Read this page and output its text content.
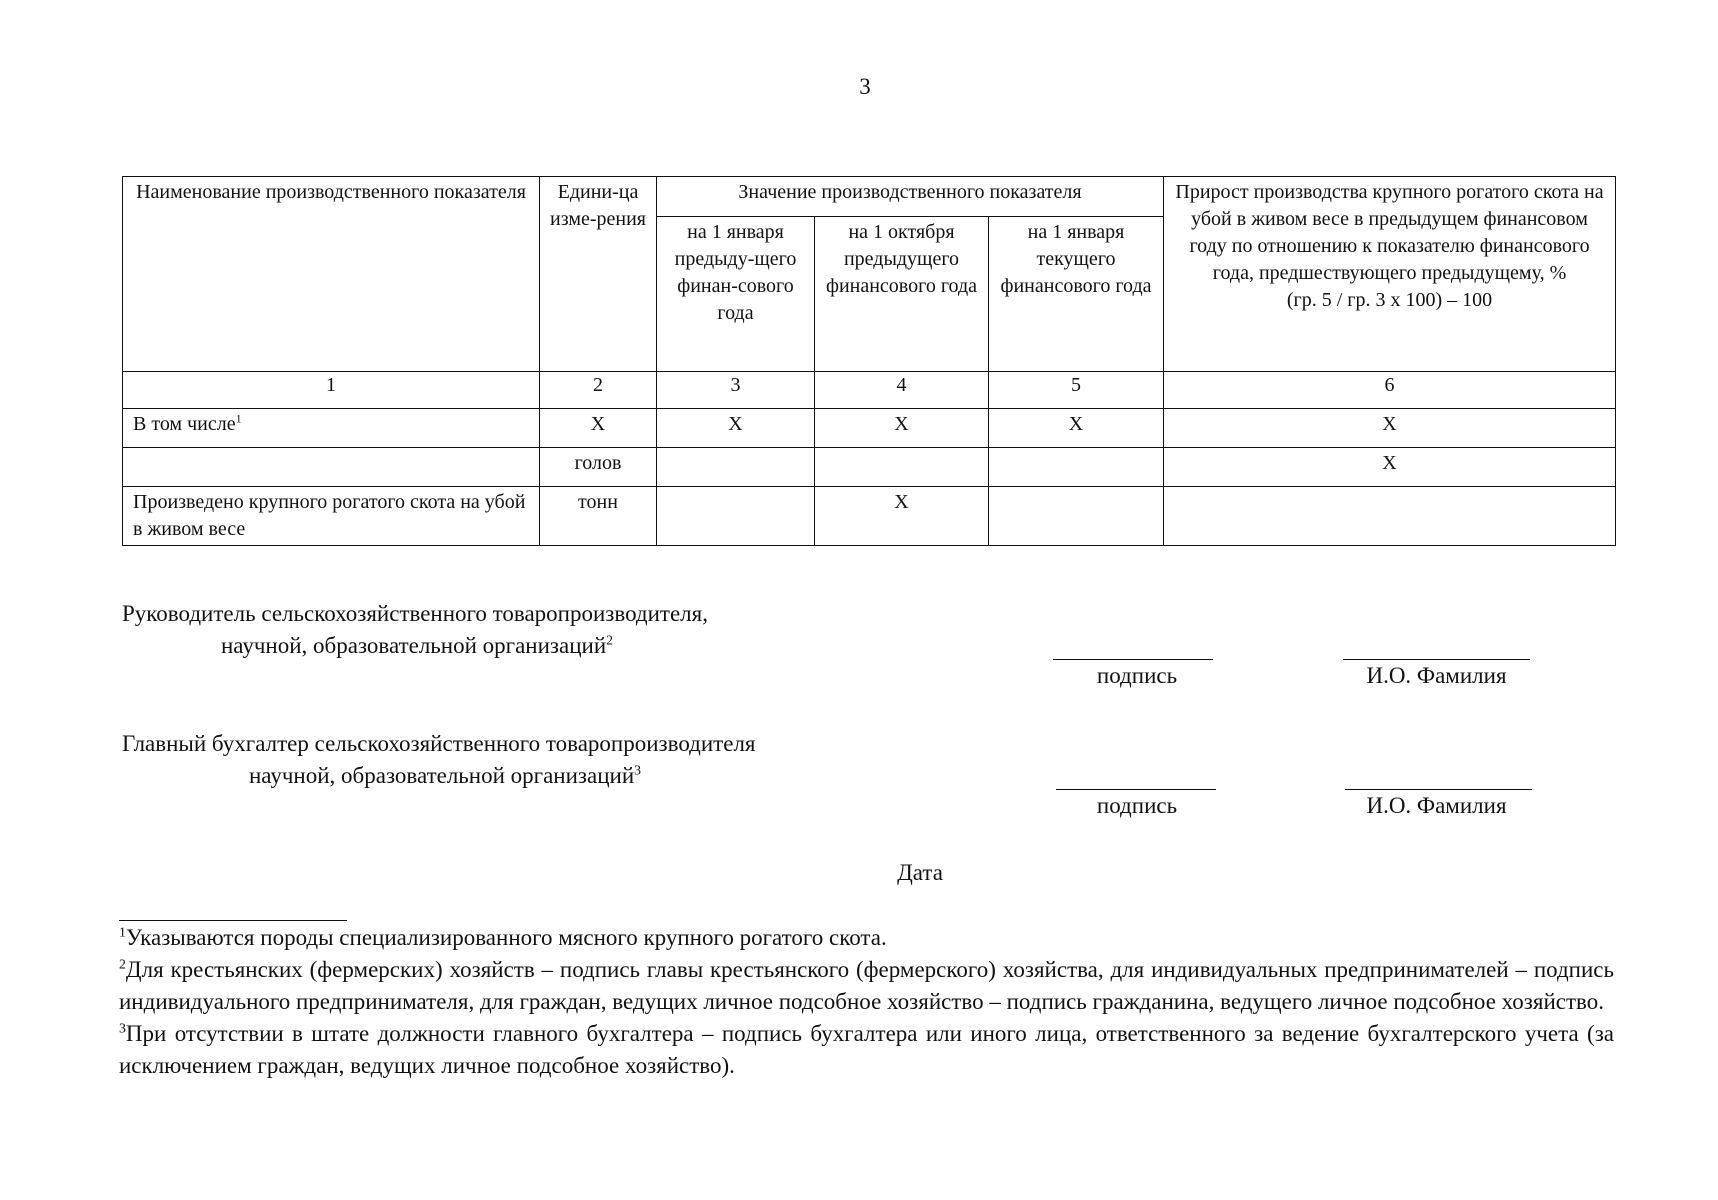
3
Наименование производственного показателя	Едини-ца изме-рения	Значение производственного показателя			Прирост производства крупного рогатого скота на убой в живом весе в предыдущем финансовом году по отношению к показателю финансового года, предшествующего предыдущему, %
(гр. 5 / гр. 3 х 100) – 100
		на 1 января предыду-щего финан-сового года	на 1 октября предыдущего финансового года	на 1 января текущего финансового года	
1	2	3	4	5	6
В том числе$^1$	Х	Х	Х	Х	Х
	голов				Х
Произведено крупного рогатого скота на убой в живом весе	тонн		Х		
Руководитель сельскохозяйственного товаропроизводителя,
научной, образовательной организаций$^2$
подпись	И.О. Фамилия
Главный бухгалтер сельскохозяйственного товаропроизводителя
научной, образовательной организаций$^3$
подпись	И.О. Фамилия
Дата

$^1$Указываются породы специализированного мясного крупного рогатого скота.

$^2$Для крестьянских (фермерских) хозяйств – подпись главы крестьянского (фермерского) хозяйства, для индивидуальных предпринимателей – подпись индивидуального предпринимателя, для граждан, ведущих личное подсобное хозяйство – подпись гражданина, ведущего личное подсобное хозяйство.

$^3$При отсутствии в штате должности главного бухгалтера – подпись бухгалтера или иного лица, ответственного за ведение бухгалтерского учета (за исключением граждан, ведущих личное подсобное хозяйство).
